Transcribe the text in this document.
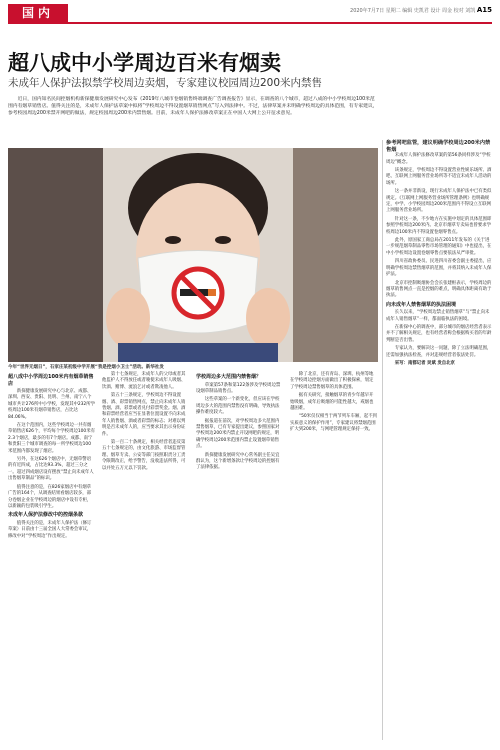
国内	2020年7月7日 星期二 编辑 史凯君 设计 周金 校对 刘凯 A15
超八成中小学周边百米有烟卖
未成年人保护法拟禁学校周边卖烟，专家建议校园周边200米内禁售
近日，国内知名民间控烟机构新探健康发展研究中心发布《2019年八城市卷烟销售终端调查广告调查报告》显示，在调查的八个城市，超过八成的中小学校周边100米范围内有烟草销售店。值得关注的是，未成年人保护法草案中拟将“学校周边不得设置烟草销售网点”写入到法律中。不过，法律草案并未明确学校周边的具体范围，有专家建议，参考校园周边200米禁开网吧的做法，规定校园周边200米内禁售烟。目前，未成年人保护法修改草案正在中国人大网上公开征求意见。
今年“世界无烟日”，石家庄某初级中学开展“我是控烟小卫士”活动。新华社发
超八成中小学周边100米内有烟草销售店

新探健康发展研究中心与北京、成都、深圳、西安、贵阳、昆明、兰州、南宁八个城市共计276所中小学校，发现其中232所学校周边100米有烟草销售店，占比达84.06%。

在这个范围内，这些学校周边一共有烟草销售店626个，平均每个学校周边100米有2.3个烟店，最多的有7个烟店。成都、南宁和贵阳三个城市调查的每一所学校周边100米范围内都发现了烟店。

另外，在这626个烟店中，无烟草警语的有近四成，占比达93.3%，超过三分之一。超过四成烟店设有摆放“禁止向未成年人出售烟草制品”的标识。

值得注意的是，在826家烟店中有烟草广告的164个，从调查结果看烟店较多，部分卷烟企业在学校周边的烟店中设有专柜，以新颖的包装吸引学生。

未成年人保护法修改中的控烟条款

值得关注的是，未成年人保护法（修订草案）日前由十三届全国人大常委会审议，修改中对“学校周边”作出规定。

第十七条规定，未成年人的父母或者其他监护人不得放任或者唆使未成年人吸烟、饮酒、赌博、流浪乞讨或者欺凌他人。

第五十三条规定，学校周边不得设置烟、酒、彩票销售网点，禁止向未成年人销售烟、酒、彩票或者兑付彩票奖金。烟、酒和彩票经营者应当在显著位置设置不向未成年人销售烟、酒或者彩票的标志；对难以判明是否未成年人的，应当要求其出示身份证件。

第一百二十条规定，相关经营者违反第五十七条规定的，由文化旅游、市场监督管理、烟草专卖、公安等部门按照职责分工责令限期改正，给予警告，没收违法所得，可以并处五万元以下罚款。

学校周边多大范围内禁售烟？

草案第57条和第122条涉及学校周边禁设烟草制品销售点。

这些草案的一个新变化，但应该在学校周边多大的范围内禁售没有明确，导致执法操作难度较大。

据报道在前次，对学校周边多大范围内禁售烟草，已有专家提出建议，参照国家对学校周边200米内禁止开设网吧的规定，明确学校周边200米范围内禁止设置烟草销售点。

新探健康发展研究中心常务副主任吴宜群认为，这个新增条款让学校周边的控烟有了法律依据。

除了北京，还有青岛、深圳、杭州等地在学校周边控烟方面做出了积极探索，划定了学校周边禁售烟草的具体范围。

据有关研究，接触烟草的青少年越早开始吸烟，成年后吸烟的可能性越大，戒烟也越困难。

“50米仅仅相当于两节列车车厢，起不到实质意义的保护作用”，专家建议将禁烟范围扩大到200米，与网吧管理规定保持一致。

参考网吧监管，建议明确学校周边200米内禁售烟

未成年人保护法修改草案的第56条同样涉及“学校周边”概念。

该条规定，学校周边不得设置营业性娱乐场所、酒吧、互联网上网服务营业场所等不适宜未成年人活动的场所。

这一条并非新设，现行未成年人保护法中已有类似规定。《互联网上网服务营业场所管理条例》也明确规定，中学、小学校园周边200米范围内不得设立互联网上网服务营业场所。

针对这一条，不少地方在实施中划定的具体范围即参照学校周边200米内。北京市烟草专卖局也曾要求学校周边100米内不得设置卷烟零售点。

此外，原国家工商总局在2011年发布的《关于进一步规范烟草制品零售市场管理的通知》中也提出，在中小学校周边设置卷烟零售点要依法从严审批。

四川省政协委员、民进四川省委会副主委提出，应明确学校周边禁售烟草的范围，并将其纳入未成年人保护法。

北京市控制吸烟协会会长张建枢表示，学校周边的烟草销售网点一直是控烟的难点，明确具体距离有助于执法。

向未成年人禁售烟草的执法困境

长久以来，“学校周边禁止销售烟草”与“禁止向未成年人销售烟草”一样，都面临执法的困境。

在新探中心的调查中，部分城市的烟店经营者表示并不了解相关规定，也有经营者称会根据购买者的年龄判断是否出售。

专家认为，要解决这一问题，除了立法明确范围，还需加强执法检查，并对违规经营者依法处罚。

采写：南都记者 吴斌 发自北京
